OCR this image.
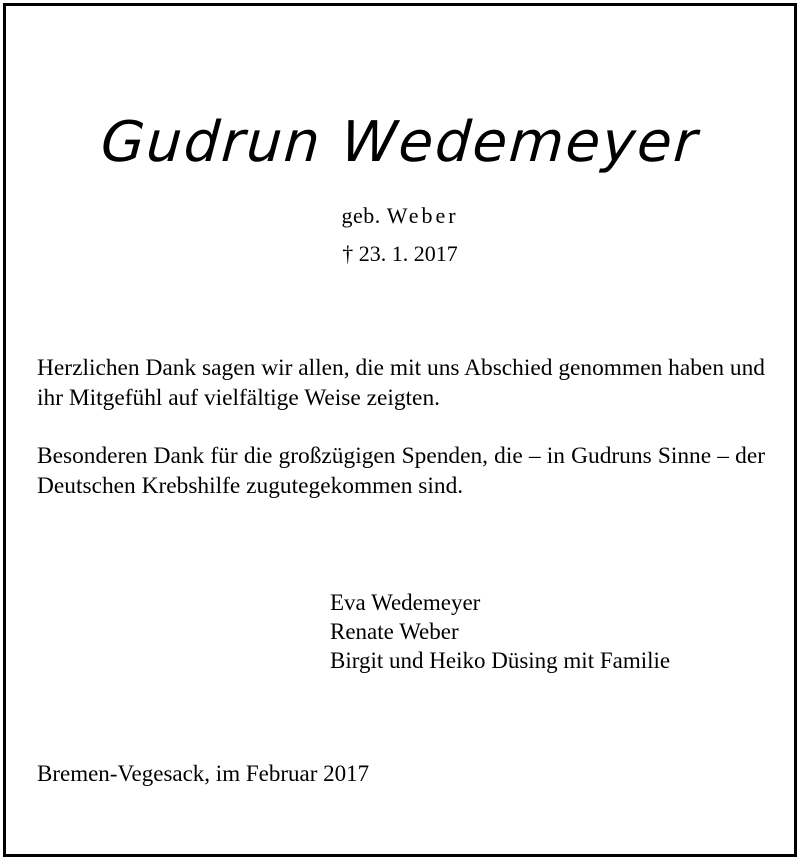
Gudrun Wedemeyer
geb. Weber
† 23. 1. 2017
Herzlichen Dank sagen wir allen, die mit uns Abschied genommen haben und ihr Mitgefühl auf vielfältige Weise zeigten.
Besonderen Dank für die großzügigen Spenden, die – in Gudruns Sinne – der Deutschen Krebshilfe zugutegekommen sind.
Eva Wedemeyer
Renate Weber
Birgit und Heiko Düsing mit Familie
Bremen-Vegesack, im Februar 2017
